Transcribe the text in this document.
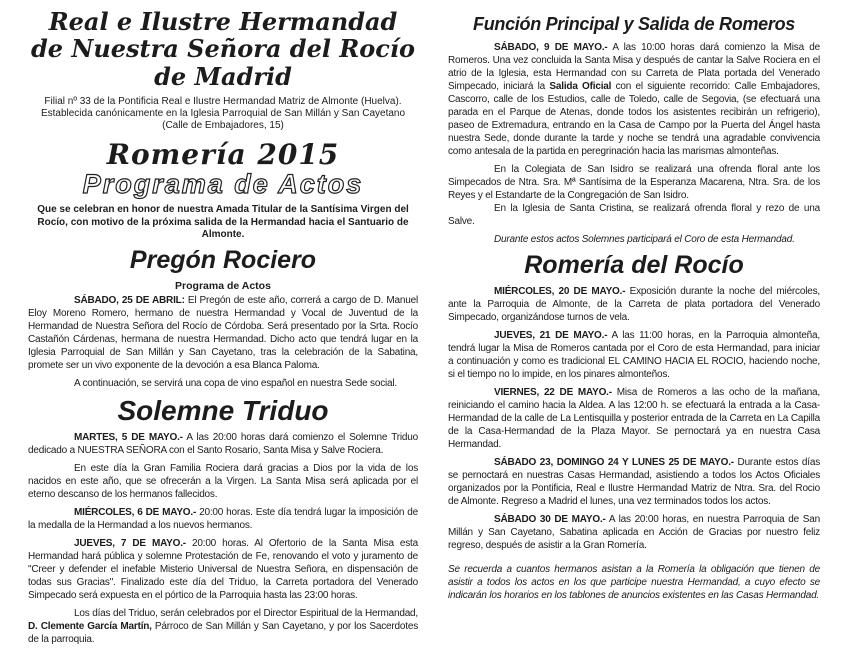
Real e Ilustre Hermandad
de Nuestra Señora del Rocío de Madrid

Filial nº 33 de la Pontificia Real e Ilustre Hermandad Matriz de Almonte (Huelva).
Establecida canónicamente en la Iglesia Parroquial de San Millán y San Cayetano
(Calle de Embajadores, 15)

Romería 2015
Programa de Actos

Que se celebran en honor de nuestra Amada Titular de la Santísima Virgen del Rocío, con motivo de la próxima salida de la Hermandad hacia el Santuario de Almonte.

Pregón Rociero

Programa de Actos

SÁBADO, 25 DE ABRIL: El Pregón de este año, correrá a cargo de D. Manuel Eloy Moreno Romero, hermano de nuestra Hermandad y Vocal de Juventud de la Hermandad de Nuestra Señora del Rocío de Córdoba. Será presentado por la Srta. Rocío Castañón Cárdenas, hermana de nuestra Hermandad. Dicho acto que tendrá lugar en la Iglesia Parroquial de San Millán y San Cayetano, tras la celebración de la Sabatina, promete ser un vivo exponente de la devoción a esa Blanca Paloma.

A continuación, se servirá una copa de vino español en nuestra Sede social.

Solemne Triduo

MARTES, 5 DE MAYO.- A las 20:00 horas dará comienzo el Solemne Triduo dedicado a NUESTRA SEÑORA con el Santo Rosario, Santa Misa y Salve Rociera.

En este día la Gran Familia Rociera dará gracias a Dios por la vida de los nacidos en este año, que se ofrecerán a la Virgen. La Santa Misa será aplicada por el eterno descanso de los hermanos fallecidos.

MIÉRCOLES, 6 DE MAYO.- 20:00 horas. Este día tendrá lugar la imposición de la medalla de la Hermandad a los nuevos hermanos.

JUEVES, 7 DE MAYO.- 20:00 horas. Al Ofertorio de la Santa Misa esta Hermandad hará pública y solemne Protestación de Fe, renovando el voto y juramento de "Creer y defender el inefable Misterio Universal de Nuestra Señora, en dispensación de todas sus Gracias". Finalizado este día del Triduo, la Carreta portadora del Venerado Simpecado será expuesta en el pórtico de la Parroquia hasta las 23:00 horas.

Los días del Triduo, serán celebrados por el Director Espiritual de la Hermandad, D. Clemente García Martín, Párroco de San Millán y San Cayetano, y por los Sacerdotes de la parroquia.

Función Principal y Salida de Romeros

SÁBADO, 9 DE MAYO.- A las 10:00 horas dará comienzo la Misa de Romeros. Una vez concluida la Santa Misa y después de cantar la Salve Rociera en el atrio de la Iglesia, esta Hermandad con su Carreta de Plata portada del Venerado Simpecado, iniciará la Salida Oficial con el siguiente recorrido: Calle Embajadores, Cascorro, calle de los Estudios, calle de Toledo, calle de Segovia, (se efectuará una parada en el Parque de Atenas, donde todos los asistentes recibirán un refrigerio), paseo de Extremadura, entrando en la Casa de Campo por la Puerta del Ángel hasta nuestra Sede, donde durante la tarde y noche se tendrá una agradable convivencia como antesala de la partida en peregrinación hacia las marismas almonteñas.

En la Colegiata de San Isidro se realizará una ofrenda floral ante los Simpecados de Ntra. Sra. Mª Santísima de la Esperanza Macarena, Ntra. Sra. de los Reyes y el Estandarte de la Congregación de San Isidro.

En la Iglesia de Santa Cristina, se realizará ofrenda floral y rezo de una Salve.

Durante estos actos Solemnes participará el Coro de esta Hermandad.

Romería del Rocío

MIÉRCOLES, 20 DE MAYO.- Exposición durante la noche del miércoles, ante la Parroquia de Almonte, de la Carreta de plata portadora del Venerado Simpecado, organizándose turnos de vela.

JUEVES, 21 DE MAYO.- A las 11:00 horas, en la Parroquia almonteña, tendrá lugar la Misa de Romeros cantada por el Coro de esta Hermandad, para iniciar a continuación y como es tradicional EL CAMINO HACIA EL ROCIO, haciendo noche, si el tiempo no lo impide, en los pinares almonteños.

VIERNES, 22 DE MAYO.- Misa de Romeros a las ocho de la mañana, reiniciando el camino hacia la Aldea. A las 12:00 h. se efectuará la entrada a la Casa-Hermandad de la calle de La Lentisquilla y posterior entrada de la Carreta en La Capilla de la Casa-Hermandad de la Plaza Mayor. Se pernoctará ya en nuestra Casa Hermandad.

SÁBADO 23, DOMINGO 24 Y LUNES 25 DE MAYO.- Durante estos días se pernoctará en nuestras Casas Hermandad, asistiendo a todos los Actos Oficiales organizados por la Pontificia, Real e Ilustre Hermandad Matriz de Ntra. Sra. del Rocio de Almonte. Regreso a Madrid el lunes, una vez terminados todos los actos.

SÁBADO 30 DE MAYO.- A las 20:00 horas, en nuestra Parroquia de San Millán y San Cayetano, Sabatina aplicada en Acción de Gracias por nuestro feliz regreso, después de asistir a la Gran Romería.

Se recuerda a cuantos hermanos asistan a la Romería la obligación que tienen de asistir a todos los actos en los que participe nuestra Hermandad, a cuyo efecto se indicarán los horarios en los tablones de anuncios existentes en las Casas Hermandad.
